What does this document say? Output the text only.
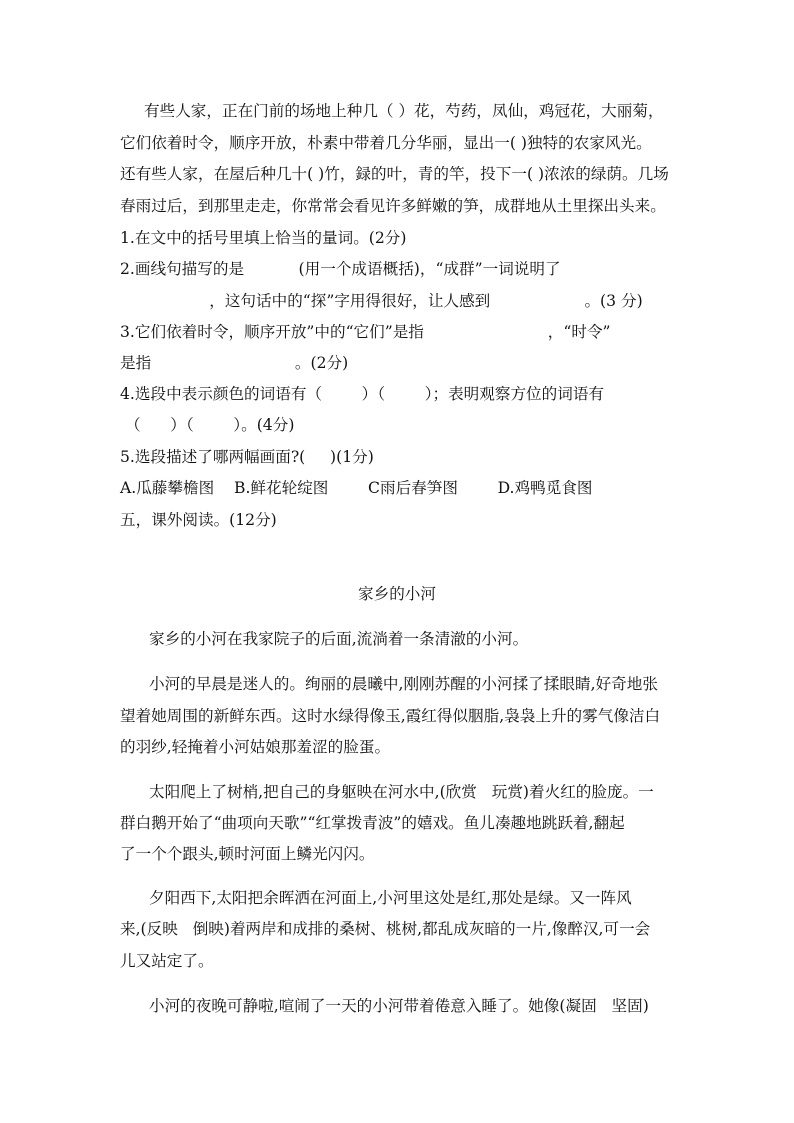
有些人家，正在门前的场地上种几（ ）花，芍药，凤仙，鸡冠花，大丽菊，
它们依着时令，顺序开放，朴素中带着几分华丽，显出一( )独特的农家风光。
还有些人家，在屋后种几十( )竹，録的叶，青的竿，投下一( )浓浓的绿荫。几场
春雨过后，到那里走走，你常常会看见许多鲜嫩的笋，成群地从土里探出头来。
1.在文中的括号里填上恰当的量词。(2分)
2.画线句描写的是           (用一个成语概括)，“成群”一词说明了
，这句话中的“探”字用得很好，让人感到                   。(3 分)
3.它们依着时令，顺序开放”中的“它们”是指                         ，“时令”
是指                             。(2分)
4.选段中表示颜色的词语有（        ）（        ）；表明观察方位的词语有
（      ）（        ）。(4分)
5.选段描述了哪两幅画面?(     )(1分)
A.瓜藤攀檐图    B.鲜花轮绽图        C雨后春笋图        D.鸡鸭觅食图
五，课外阅读。(12分)
家乡的小河
家乡的小河在我家院子的后面,流淌着一条清澈的小河。
小河的早晨是迷人的。绚丽的晨曦中,刚刚苏醒的小河揉了揉眼睛,好奇地张
望着她周围的新鲜东西。这时水绿得像玉,霞红得似胭脂,袅袅上升的雾气像洁白
的羽纱,轻掩着小河姑娘那羞涩的脸蛋。
太阳爬上了树梢,把自己的身躯映在河水中,(欣赏   玩赏)着火红的脸庞。一
群白鹅开始了“曲项向天歌”“红掌拨青波”的嬉戏。鱼儿凑趣地跳跃着,翻起
了一个个跟头,顿时河面上鳞光闪闪。
夕阳西下,太阳把余晖洒在河面上,小河里这处是红,那处是绿。又一阵风
来,(反映   倒映)着两岸和成排的桑树、桃树,都乱成灰暗的一片,像醉汉,可一会
儿又站定了。
小河的夜晚可静啦,喧闹了一天的小河带着倦意入睡了。她像(凝固   坚固)
